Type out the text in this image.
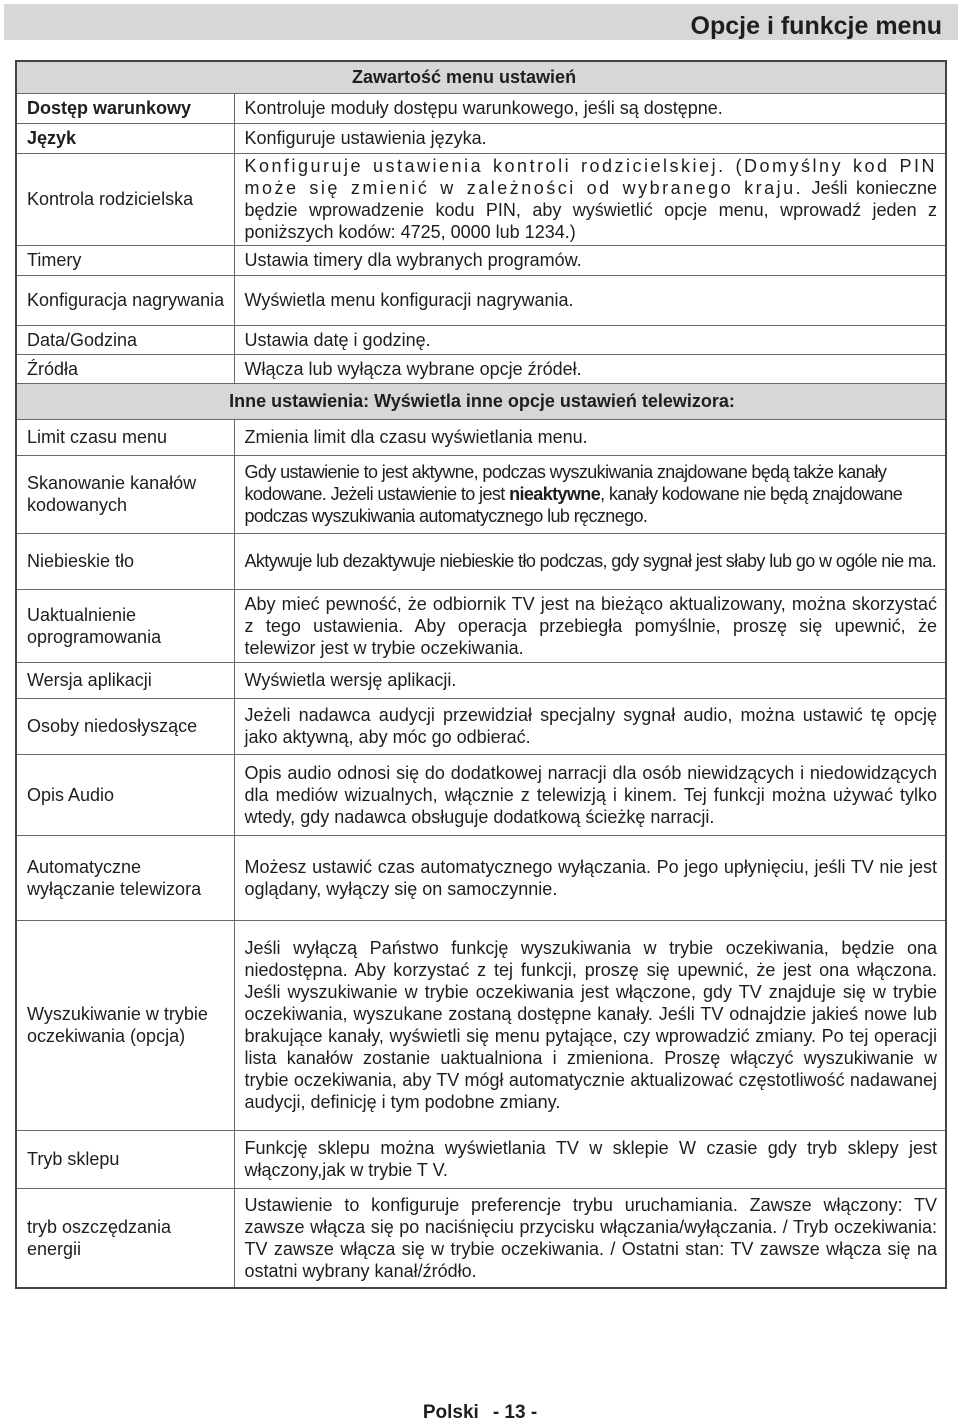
Opcje i funkcje menu
	Zawartość menu ustawień
Dostęp warunkowy	Kontroluje moduły dostępu warunkowego, jeśli są dostępne.
Język	Konfiguruje ustawienia języka.
Kontrola rodzicielska	Konfiguruje ustawienia kontroli rodzicielskiej. (Domyślny kod PIN może się zmienić w zależności od wybranego kraju. Jeśli konieczne będzie wprowadzenie kodu PIN, aby wyświetlić opcje menu, wprowadź jeden z poniższych kodów: 4725, 0000 lub 1234.)
Timery	Ustawia timery dla wybranych programów.
Konfiguracja nagrywania	Wyświetla menu konfiguracji nagrywania.
Data/Godzina	Ustawia datę i godzinę.
Źródła	Włącza lub wyłącza wybrane opcje źródeł.
Inne ustawienia: Wyświetla inne opcje ustawień telewizora:	
Limit czasu menu	Zmienia limit dla czasu wyświetlania menu.
Skanowanie kanałów kodowanych	Gdy ustawienie to jest aktywne, podczas wyszukiwania znajdowane będą także kanały kodowane. Jeżeli ustawienie to jest nieaktywne, kanały kodowane nie będą znajdowane podczas wyszukiwania automatycznego lub ręcznego.
Niebieskie tło	Aktywuje lub dezaktywuje niebieskie tło podczas, gdy sygnał jest słaby lub go w ogóle nie ma.
Uaktualnienie oprogramowania	Aby mieć pewność, że odbiornik TV jest na bieżąco aktualizowany, można skorzystać z tego ustawienia. Aby operacja przebiegła pomyślnie, proszę się upewnić, że telewizor jest w trybie oczekiwania.
Wersja aplikacji	Wyświetla wersję aplikacji.
Osoby niedosłyszące	Jeżeli nadawca audycji przewidział specjalny sygnał audio, można ustawić tę opcję jako aktywną, aby móc go odbierać.
Opis Audio	Opis audio odnosi się do dodatkowej narracji dla osób niewidzących i niedowidzących dla mediów wizualnych, włącznie z telewizją i kinem. Tej funkcji można używać tylko wtedy, gdy nadawca obsługuje dodatkową ścieżkę narracji.
Automatyczne wyłączanie telewizora	Możesz ustawić czas automatycznego wyłączania. Po jego upłynięciu, jeśli TV nie jest oglądany, wyłączy się on samoczynnie.
Wyszukiwanie w trybie oczekiwania (opcja)	Jeśli wyłączą Państwo funkcję wyszukiwania w trybie oczekiwania, będzie ona niedostępna. Aby korzystać z tej funkcji, proszę się upewnić, że jest ona włączona. Jeśli wyszukiwanie w trybie oczekiwania jest włączone, gdy TV znajduje się w trybie oczekiwania, wyszukane zostaną dostępne kanały. Jeśli TV odnajdzie jakieś nowe lub brakujące kanały, wyświetli się menu pytające, czy wprowadzić zmiany. Po tej operacji lista kanałów zostanie uaktualniona i zmieniona. Proszę włączyć wyszukiwanie w trybie oczekiwania, aby TV mógł automatycznie aktualizować częstotliwość nadawanej audycji, definicję i tym podobne zmiany.
Tryb sklepu	Funkcję sklepu można wyświetlania TV w sklepie W czasie gdy tryb sklepy jest włączony,jak w trybie T V.
tryb oszczędzania energii	Ustawienie to konfiguruje preferencje trybu uruchamiania. Zawsze włączony: TV zawsze włącza się po naciśnięciu przycisku włączania/wyłączania. / Tryb oczekiwania: TV zawsze włącza się w trybie oczekiwania. / Ostatni stan: TV zawsze włącza się na ostatni wybrany kanał/źródło.
Polski - 13 -
